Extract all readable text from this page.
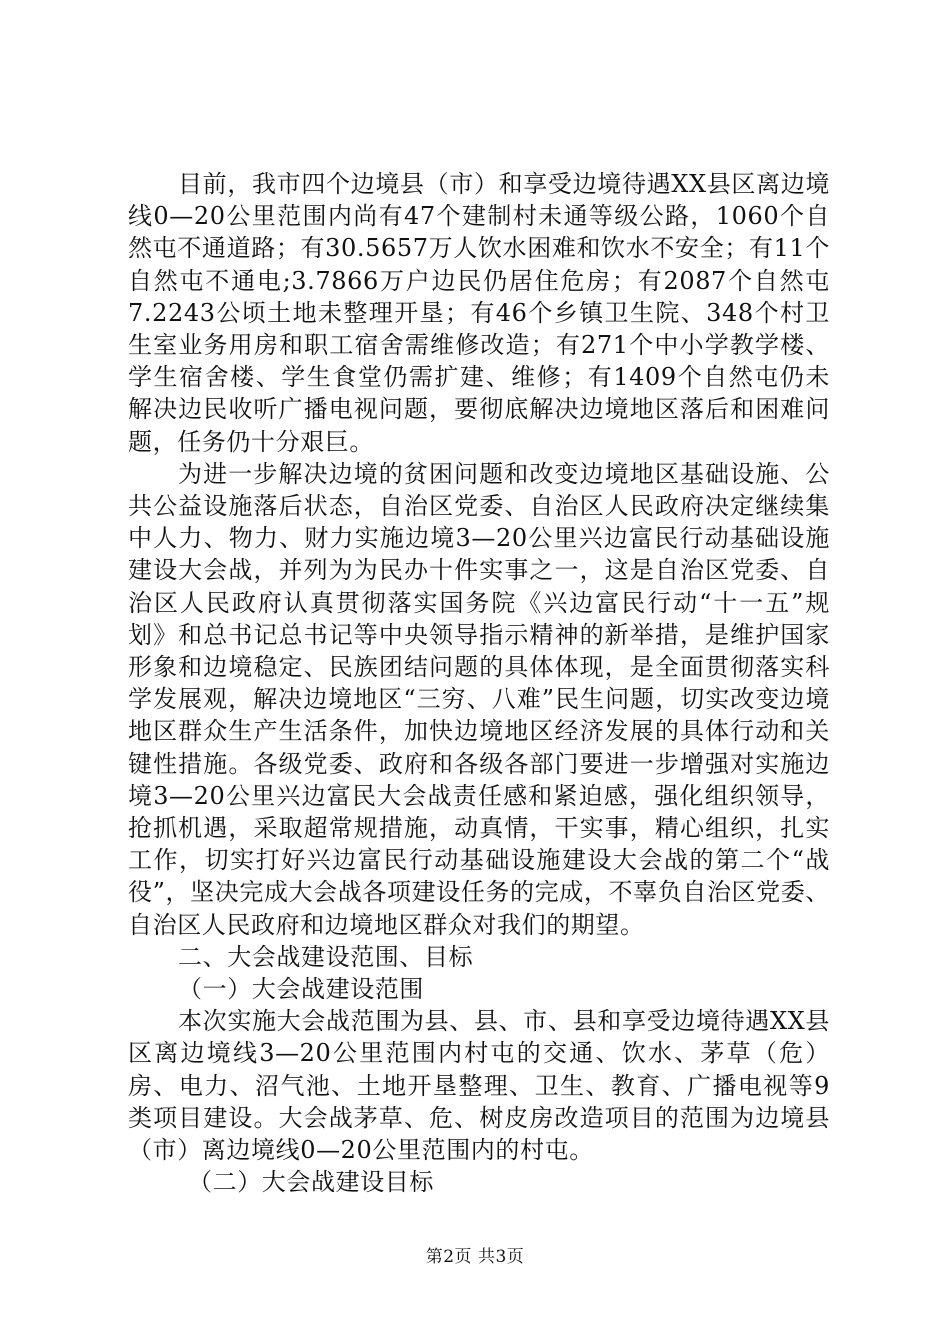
目前，我市四个边境县（市）和享受边境待遇XX县区离边境线0—20公里范围内尚有47个建制村未通等级公路，1060个自然屯不通道路；有30.5657万人饮水困难和饮水不安全；有11个自然屯不通电;3.7866万户边民仍居住危房；有2087个自然屯7.2243公顷土地未整理开垦；有46个乡镇卫生院、348个村卫生室业务用房和职工宿舍需维修改造；有271个中小学教学楼、学生宿舍楼、学生食堂仍需扩建、维修；有1409个自然屯仍未解决边民收听广播电视问题，要彻底解决边境地区落后和困难问题，任务仍十分艰巨。

为进一步解决边境的贫困问题和改变边境地区基础设施、公共公益设施落后状态，自治区党委、自治区人民政府决定继续集中人力、物力、财力实施边境3—20公里兴边富民行动基础设施建设大会战，并列为为民办十件实事之一，这是自治区党委、自治区人民政府认真贯彻落实国务院《兴边富民行动“十一五”规划》和总书记总书记等中央领导指示精神的新举措，是维护国家形象和边境稳定、民族团结问题的具体体现，是全面贯彻落实科学发展观，解决边境地区“三穷、八难”民生问题，切实改变边境地区群众生产生活条件，加快边境地区经济发展的具体行动和关键性措施。各级党委、政府和各级各部门要进一步增强对实施边境3—20公里兴边富民大会战责任感和紧迫感，强化组织领导，抢抓机遇，采取超常规措施，动真情，干实事，精心组织，扎实工作，切实打好兴边富民行动基础设施建设大会战的第二个“战役”，坚决完成大会战各项建设任务的完成，不辜负自治区党委、自治区人民政府和边境地区群众对我们的期望。

二、大会战建设范围、目标

（一）大会战建设范围

本次实施大会战范围为县、县、市、县和享受边境待遇XX县区离边境线3—20公里范围内村屯的交通、饮水、茅草（危）房、电力、沼气池、土地开垦整理、卫生、教育、广播电视等9类项目建设。大会战茅草、危、树皮房改造项目的范围为边境县（市）离边境线0—20公里范围内的村屯。

（二）大会战建设目标

第2页 共3页
